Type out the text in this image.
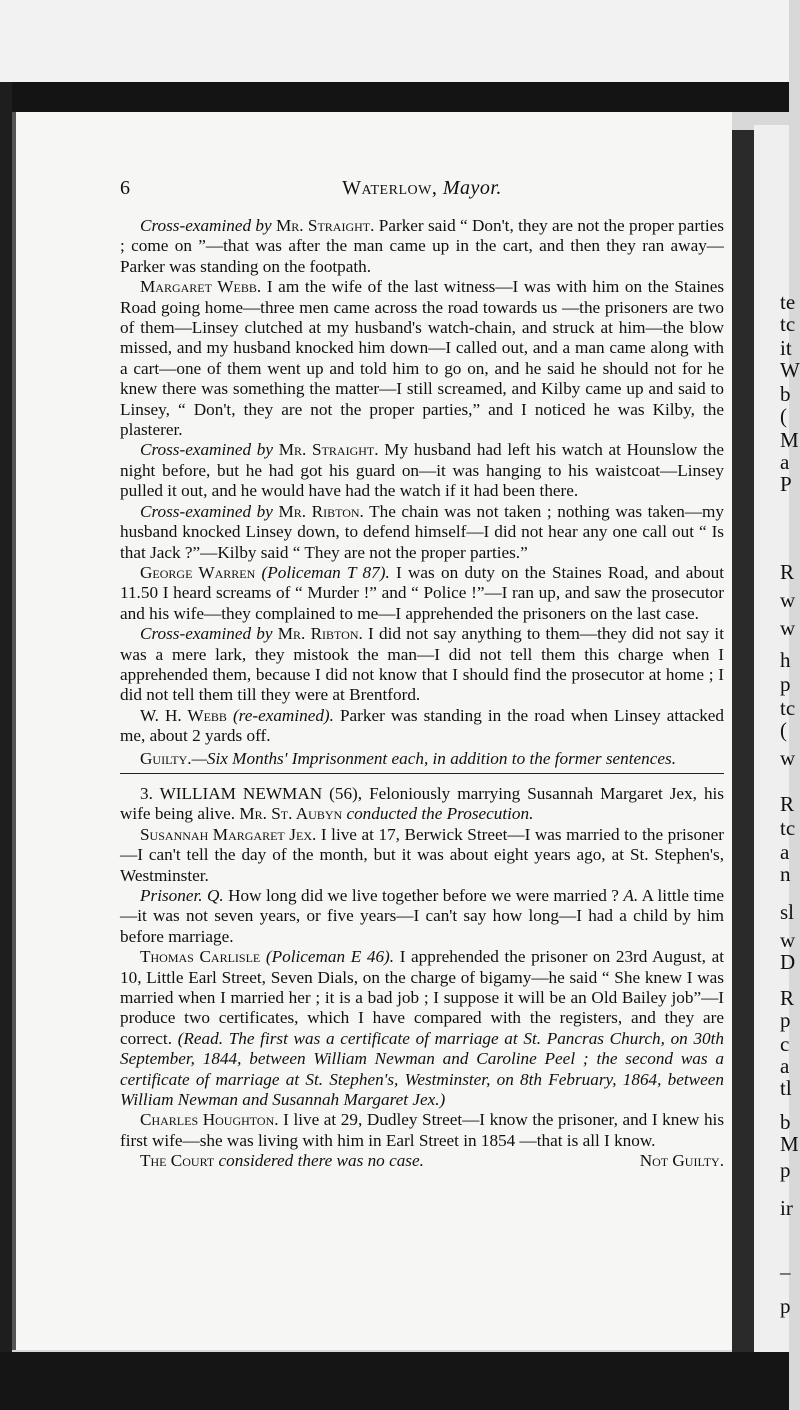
te
tc
it
W
b
(
M
a
P
R
w
w
h
p
tc
(
w
R
tc
a
n
sl
w
D
R
p
c
a
tl
b
M
p
ir
–
p
6	Waterlow, Mayor.

Cross-examined by Mr. Straight. Parker said “ Don't, they are not the proper parties ; come on ”—that was after the man came up in the cart, and then they ran away—Parker was standing on the footpath.

Margaret Webb. I am the wife of the last witness—I was with him on the Staines Road going home—three men came across the road towards us —the prisoners are two of them—Linsey clutched at my husband's watch-chain, and struck at him—the blow missed, and my husband knocked him down—I called out, and a man came along with a cart—one of them went up and told him to go on, and he said he should not for he knew there was something the matter—I still screamed, and Kilby came up and said to Linsey, “ Don't, they are not the proper parties,” and I noticed he was Kilby, the plasterer.

Cross-examined by Mr. Straight. My husband had left his watch at Hounslow the night before, but he had got his guard on—it was hanging to his waistcoat—Linsey pulled it out, and he would have had the watch if it had been there.

Cross-examined by Mr. Ribton. The chain was not taken ; nothing was taken—my husband knocked Linsey down, to defend himself—I did not hear any one call out “ Is that Jack ?”—Kilby said “ They are not the proper parties.”

George Warren (Policeman T 87). I was on duty on the Staines Road, and about 11.50 I heard screams of “ Murder !” and “ Police !”—I ran up, and saw the prosecutor and his wife—they complained to me—I apprehended the prisoners on the last case.

Cross-examined by Mr. Ribton. I did not say anything to them—they did not say it was a mere lark, they mistook the man—I did not tell them this charge when I apprehended them, because I did not know that I should find the prosecutor at home ; I did not tell them till they were at Brentford.

W. H. Webb (re-examined). Parker was standing in the road when Linsey attacked me, about 2 yards off.

Guilty.—Six Months' Imprisonment each, in addition to the former sentences.

3. WILLIAM NEWMAN (56), Feloniously marrying Susannah Margaret Jex, his wife being alive. Mr. St. Aubyn conducted the Prosecution.

Susannah Margaret Jex. I live at 17, Berwick Street—I was married to the prisoner—I can't tell the day of the month, but it was about eight years ago, at St. Stephen's, Westminster.

Prisoner. Q. How long did we live together before we were married ? A. A little time—it was not seven years, or five years—I can't say how long—I had a child by him before marriage.

Thomas Carlisle (Policeman E 46). I apprehended the prisoner on 23rd August, at 10, Little Earl Street, Seven Dials, on the charge of bigamy—he said “ She knew I was married when I married her ; it is a bad job ; I suppose it will be an Old Bailey job”—I produce two certificates, which I have compared with the registers, and they are correct. (Read. The first was a certificate of marriage at St. Pancras Church, on 30th September, 1844, between William Newman and Caroline Peel ; the second was a certificate of marriage at St. Stephen's, Westminster, on 8th February, 1864, between William Newman and Susannah Margaret Jex.)

Charles Houghton. I live at 29, Dudley Street—I know the prisoner, and I knew his first wife—she was living with him in Earl Street in 1854 —that is all I know.

The Court considered there was no case.	Not Guilty.
